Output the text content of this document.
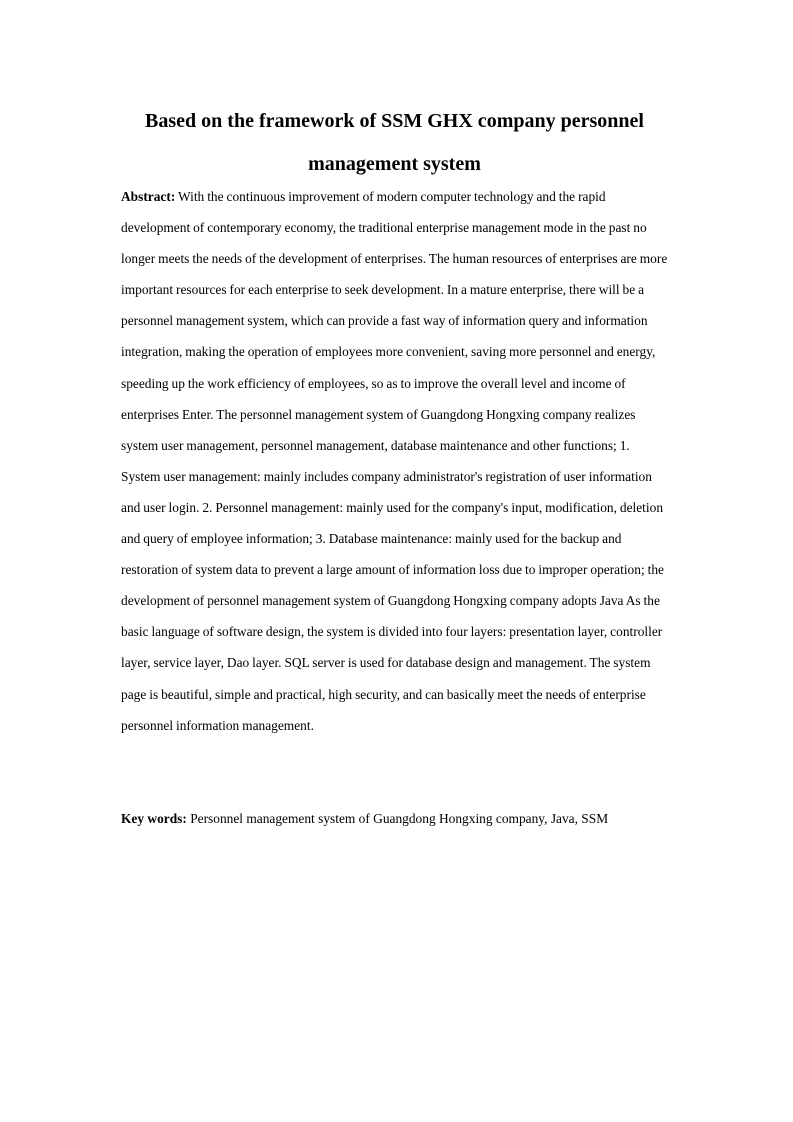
Based on the framework of SSM GHX company personnel management system

Abstract: With the continuous improvement of modern computer technology and the rapid development of contemporary economy, the traditional enterprise management mode in the past no longer meets the needs of the development of enterprises. The human resources of enterprises are more important resources for each enterprise to seek development. In a mature enterprise, there will be a personnel management system, which can provide a fast way of information query and information integration, making the operation of employees more convenient, saving more personnel and energy, speeding up the work efficiency of employees, so as to improve the overall level and income of enterprises Enter. The personnel management system of Guangdong Hongxing company realizes system user management, personnel management, database maintenance and other functions; 1. System user management: mainly includes company administrator's registration of user information and user login. 2. Personnel management: mainly used for the company's input, modification, deletion and query of employee information; 3. Database maintenance: mainly used for the backup and restoration of system data to prevent a large amount of information loss due to improper operation; the development of personnel management system of Guangdong Hongxing company adopts Java As the basic language of software design, the system is divided into four layers: presentation layer, controller layer, service layer, Dao layer. SQL server is used for database design and management. The system page is beautiful, simple and practical, high security, and can basically meet the needs of enterprise personnel information management.

Key words: Personnel management system of Guangdong Hongxing company, Java, SSM
